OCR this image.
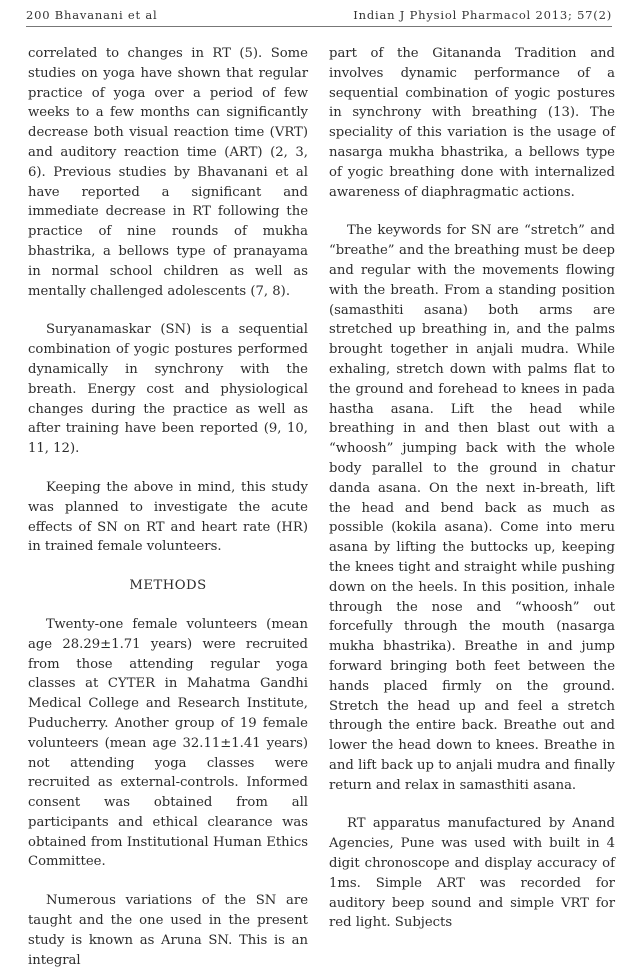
200 Bhavanani et al	Indian J Physiol Pharmacol 2013; 57(2)

correlated to changes in RT (5). Some studies on yoga have shown that regular practice of yoga over a period of few weeks to a few months can significantly decrease both visual reaction time (VRT) and auditory reaction time (ART) (2, 3, 6). Previous studies by Bhavanani et al have reported a significant and immediate decrease in RT following the practice of nine rounds of mukha bhastrika, a bellows type of pranayama in normal school children as well as mentally challenged adolescents (7, 8).

Suryanamaskar (SN) is a sequential combination of yogic postures performed dynamically in synchrony with the breath. Energy cost and physiological changes during the practice as well as after training have been reported (9, 10, 11, 12).

Keeping the above in mind, this study was planned to investigate the acute effects of SN on RT and heart rate (HR) in trained female volunteers.

METHODS

Twenty-one female volunteers (mean age 28.29±1.71 years) were recruited from those attending regular yoga classes at CYTER in Mahatma Gandhi Medical College and Research Institute, Puducherry. Another group of 19 female volunteers (mean age 32.11±1.41 years) not attending yoga classes were recruited as external-controls. Informed consent was obtained from all participants and ethical clearance was obtained from Institutional Human Ethics Committee.

Numerous variations of the SN are taught and the one used in the present study is known as Aruna SN. This is an integral

part of the Gitananda Tradition and involves dynamic performance of a sequential combination of yogic postures in synchrony with breathing (13). The speciality of this variation is the usage of nasarga mukha bhastrika, a bellows type of yogic breathing done with internalized awareness of diaphragmatic actions.

The keywords for SN are “stretch” and “breathe” and the breathing must be deep and regular with the movements flowing with the breath. From a standing position (samasthiti asana) both arms are stretched up breathing in, and the palms brought together in anjali mudra. While exhaling, stretch down with palms flat to the ground and forehead to knees in pada hastha asana. Lift the head while breathing in and then blast out with a “whoosh” jumping back with the whole body parallel to the ground in chatur danda asana. On the next in-breath, lift the head and bend back as much as possible (kokila asana). Come into meru asana by lifting the buttocks up, keeping the knees tight and straight while pushing down on the heels. In this position, inhale through the nose and “whoosh” out forcefully through the mouth (nasarga mukha bhastrika). Breathe in and jump forward bringing both feet between the hands placed firmly on the ground. Stretch the head up and feel a stretch through the entire back. Breathe out and lower the head down to knees. Breathe in and lift back up to anjali mudra and finally return and relax in samasthiti asana.

RT apparatus manufactured by Anand Agencies, Pune was used with built in 4 digit chronoscope and display accuracy of 1ms. Simple ART was recorded for auditory beep sound and simple VRT for red light. Subjects
